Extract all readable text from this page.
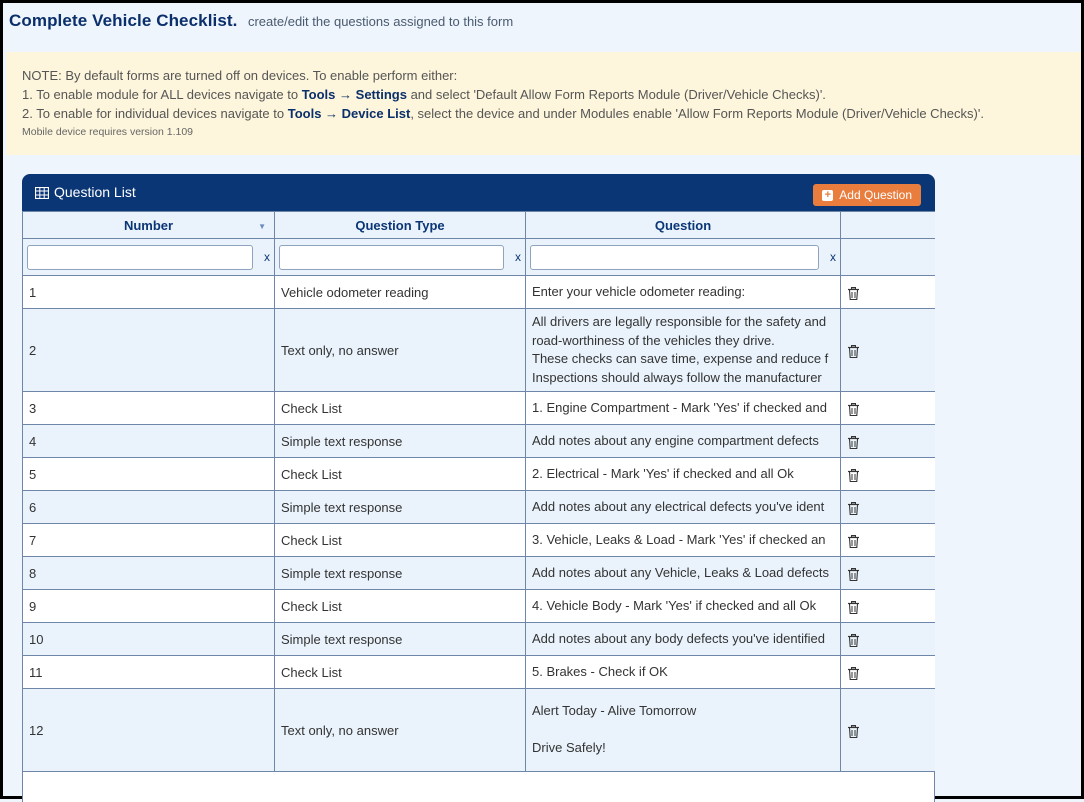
Complete Vehicle Checklist. create/edit the questions assigned to this form
NOTE: By default forms are turned off on devices. To enable perform either:
1. To enable module for ALL devices navigate to Tools → Settings and select 'Default Allow Form Reports Module (Driver/Vehicle Checks)'.
2. To enable for individual devices navigate to Tools → Device List, select the device and under Modules enable 'Allow Form Reports Module (Driver/Vehicle Checks)'.
Mobile device requires version 1.109
Question List	+ Add Question
Number ▼	Question Type	Question	

x	x	x	

1	Vehicle odometer reading	Enter your vehicle odometer reading:

2	Text only, no answer	All drivers are legally responsible for the safety and
road-worthiness of the vehicles they drive.
These checks can save time, expense and reduce f
Inspections should always follow the manufacturer

3	Check List	1. Engine Compartment - Mark 'Yes' if checked and

4	Simple text response	Add notes about any engine compartment defects

5	Check List	2. Electrical - Mark 'Yes' if checked and all Ok

6	Simple text response	Add notes about any electrical defects you've ident

7	Check List	3. Vehicle, Leaks & Load - Mark 'Yes' if checked an

8	Simple text response	Add notes about any Vehicle, Leaks & Load defects

9	Check List	4. Vehicle Body - Mark 'Yes' if checked and all Ok

10	Simple text response	Add notes about any body defects you've identified

11	Check List	5. Brakes - Check if OK

12	Text only, no answer	Alert Today - Alive Tomorrow
Drive Safely!
